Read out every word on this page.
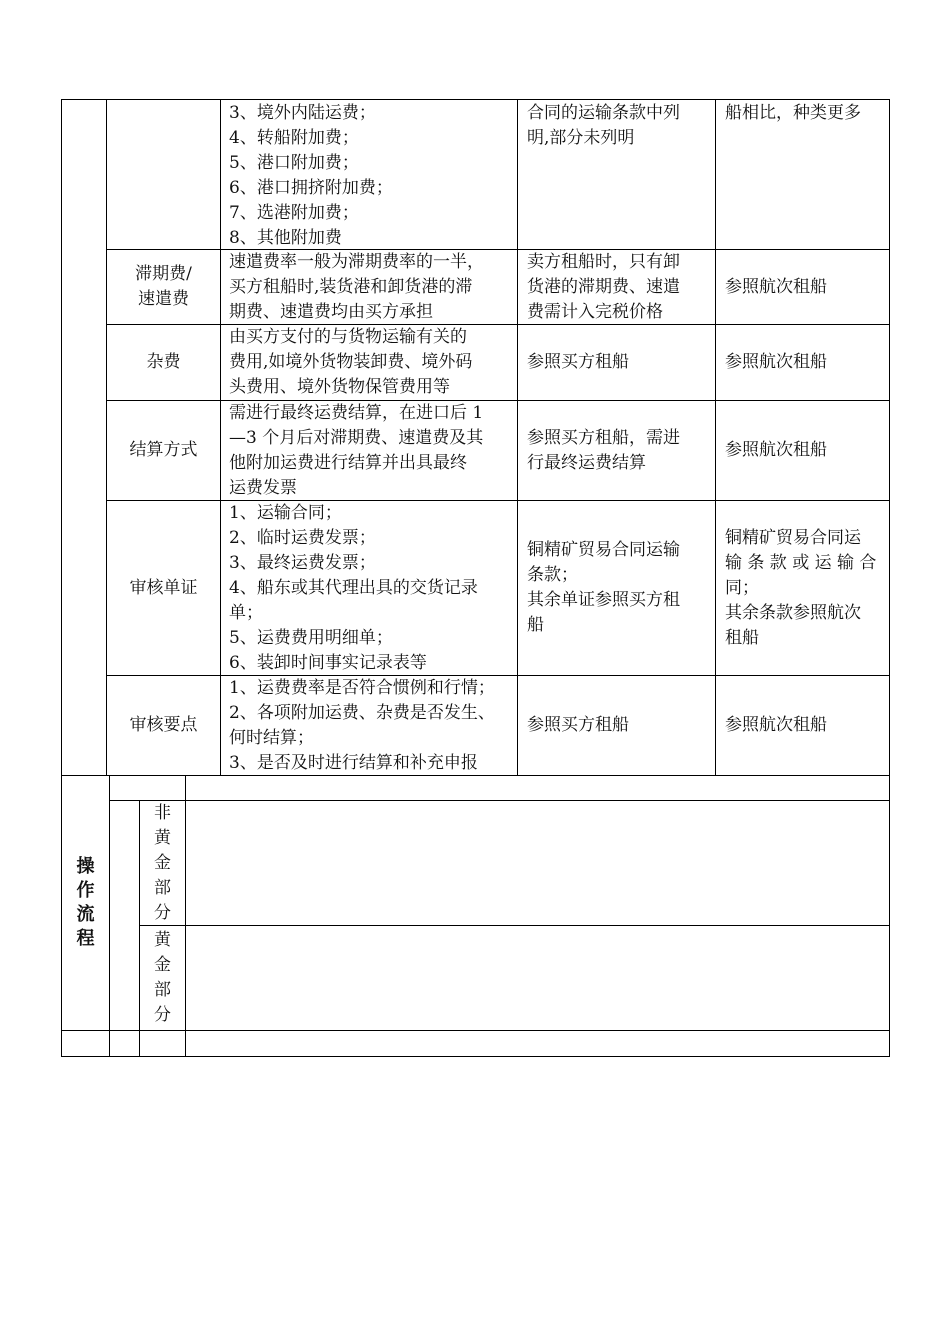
3、境外内陆运费；
4、转船附加费；
5、港口附加费；
6、港口拥挤附加费；
7、选港附加费；
8、其他附加费
合同的运输条款中列
明,部分未列明
船相比，种类更多
滞期费/
速遣费
速遣费率一般为滞期费率的一半，
买方租船时,装货港和卸货港的滞
期费、速遣费均由买方承担
卖方租船时，只有卸
货港的滞期费、速遣
费需计入完税价格
参照航次租船
杂费
由买方支付的与货物运输有关的
费用,如境外货物装卸费、境外码
头费用、境外货物保管费用等
参照买方租船	参照航次租船
结算方式
需进行最终运费结算，在进口后 1
—3 个月后对滞期费、速遣费及其
他附加运费进行结算并出具最终
运费发票
参照买方租船，需进
行最终运费结算
参照航次租船
审核单证
1、运输合同；
2、临时运费发票；
3、最终运费发票；
4、船东或其代理出具的交货记录
单；
5、运费费用明细单；
6、装卸时间事实记录表等
铜精矿贸易合同运输
条款；
其余单证参照买方租
船
铜精矿贸易合同运
输 条 款 或 运 输 合
同；
其余条款参照航次
租船
审核要点
1、运费费率是否符合惯例和行情；
2、各项附加运费、杂费是否发生、
何时结算；
3、是否及时进行结算和补充申报
参照买方租船	参照航次租船
操
作
流
程
非
黄
金
部
分
黄
金
部
分
